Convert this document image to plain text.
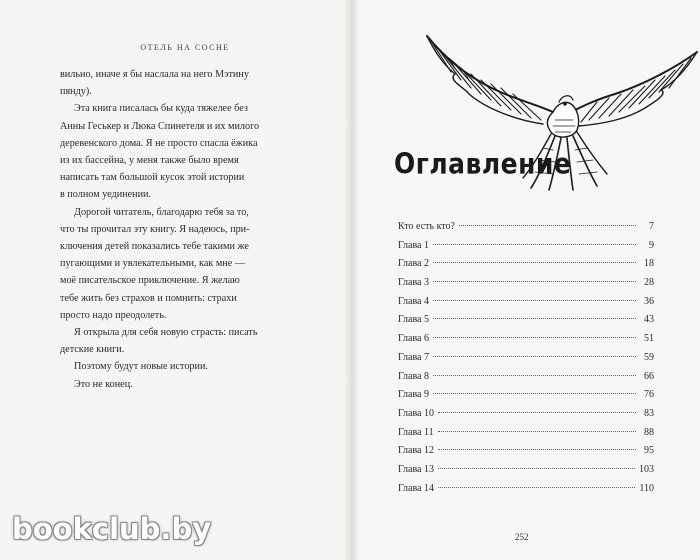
ОТЕЛЬ НА СОСНЕ
вильно, иначе я бы наслала на него Мэтину
пянду).
Эта книга писалась бы куда тяжелее без
Анны Геськер и Люка Спинетеля и их милого
деревенского дома. Я не просто спасла ёжика
из их бассейна, у меня также было время
написать там большой кусок этой истории
в полном уединении.
Дорогой читатель, благодарю тебя за то,
что ты прочитал эту книгу. Я надеюсь, при-
ключения детей показались тебе такими же
пугающими и увлекательными, как мне —
моё писательское приключение. Я желаю
тебе жить без страхов и помнить: страхи
просто надо преодолеть.
Я открыла для себя новую страсть: писать
детские книги.
Поэтому будут новые истории.
Это не конец.
Оглавление
Кто есть кто?	7
Глава 1	9
Глава 2	18
Глава 3	28
Глава 4	36
Глава 5	43
Глава 6	51
Глава 7	59
Глава 8	66
Глава 9	76
Глава 10	83
Глава 11	88
Глава 12	95
Глава 13	103
Глава 14	110
252
bookclub.by
